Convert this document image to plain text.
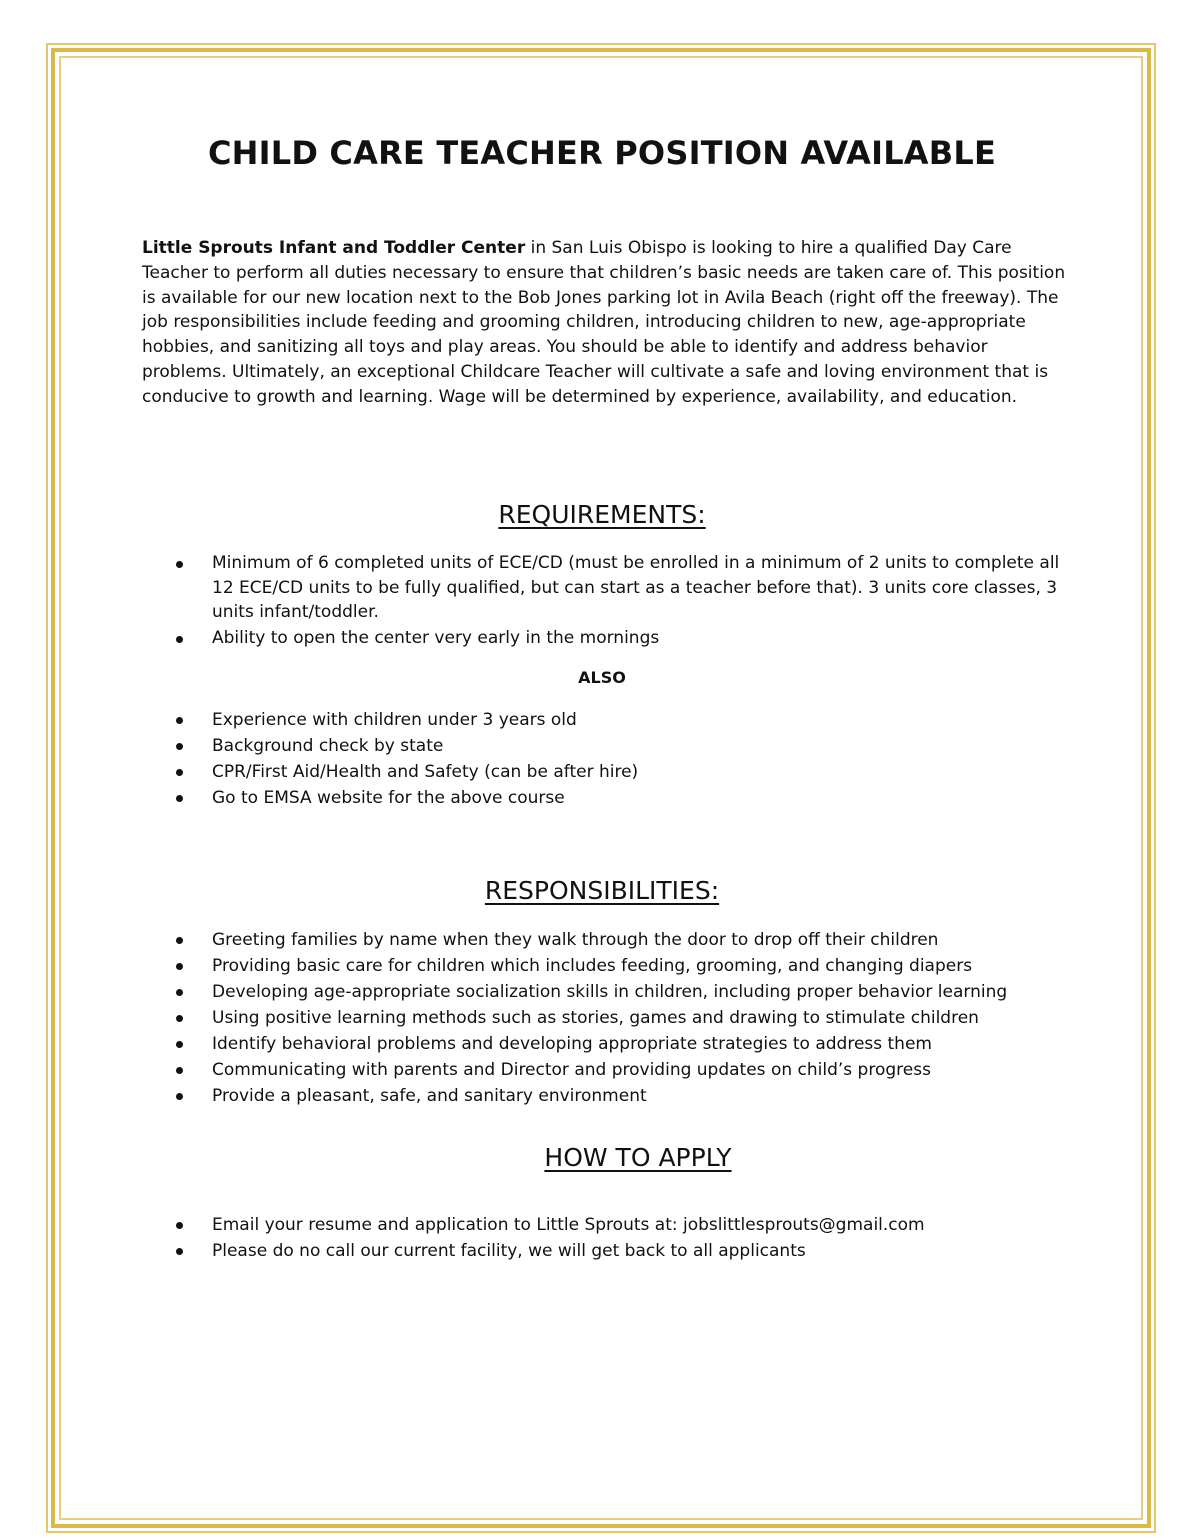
CHILD CARE TEACHER POSITION AVAILABLE

Little Sprouts Infant and Toddler Center in San Luis Obispo is looking to hire a qualified Day Care Teacher to perform all duties necessary to ensure that children’s basic needs are taken care of. This position is available for our new location next to the Bob Jones parking lot in Avila Beach (right off the freeway). The job responsibilities include feeding and grooming children, introducing children to new, age-appropriate hobbies, and sanitizing all toys and play areas. You should be able to identify and address behavior problems. Ultimately, an exceptional Childcare Teacher will cultivate a safe and loving environment that is conducive to growth and learning. Wage will be determined by experience, availability, and education.

REQUIREMENTS:
Minimum of 6 completed units of ECE/CD (must be enrolled in a minimum of 2 units to complete all 12 ECE/CD units to be fully qualified, but can start as a teacher before that). 3 units core classes, 3 units infant/toddler.
Ability to open the center very early in the mornings

ALSO

Experience with children under 3 years old
Background check by state
CPR/First Aid/Health and Safety (can be after hire)
Go to EMSA website for the above course
RESPONSIBILITIES:
Greeting families by name when they walk through the door to drop off their children
Providing basic care for children which includes feeding, grooming, and changing diapers
Developing age-appropriate socialization skills in children, including proper behavior learning
Using positive learning methods such as stories, games and drawing to stimulate children
Identify behavioral problems and developing appropriate strategies to address them
Communicating with parents and Director and providing updates on child’s progress
Provide a pleasant, safe, and sanitary environment
HOW TO APPLY
Email your resume and application to Little Sprouts at: jobslittlesprouts@gmail.com
Please do no call our current facility, we will get back to all applicants
